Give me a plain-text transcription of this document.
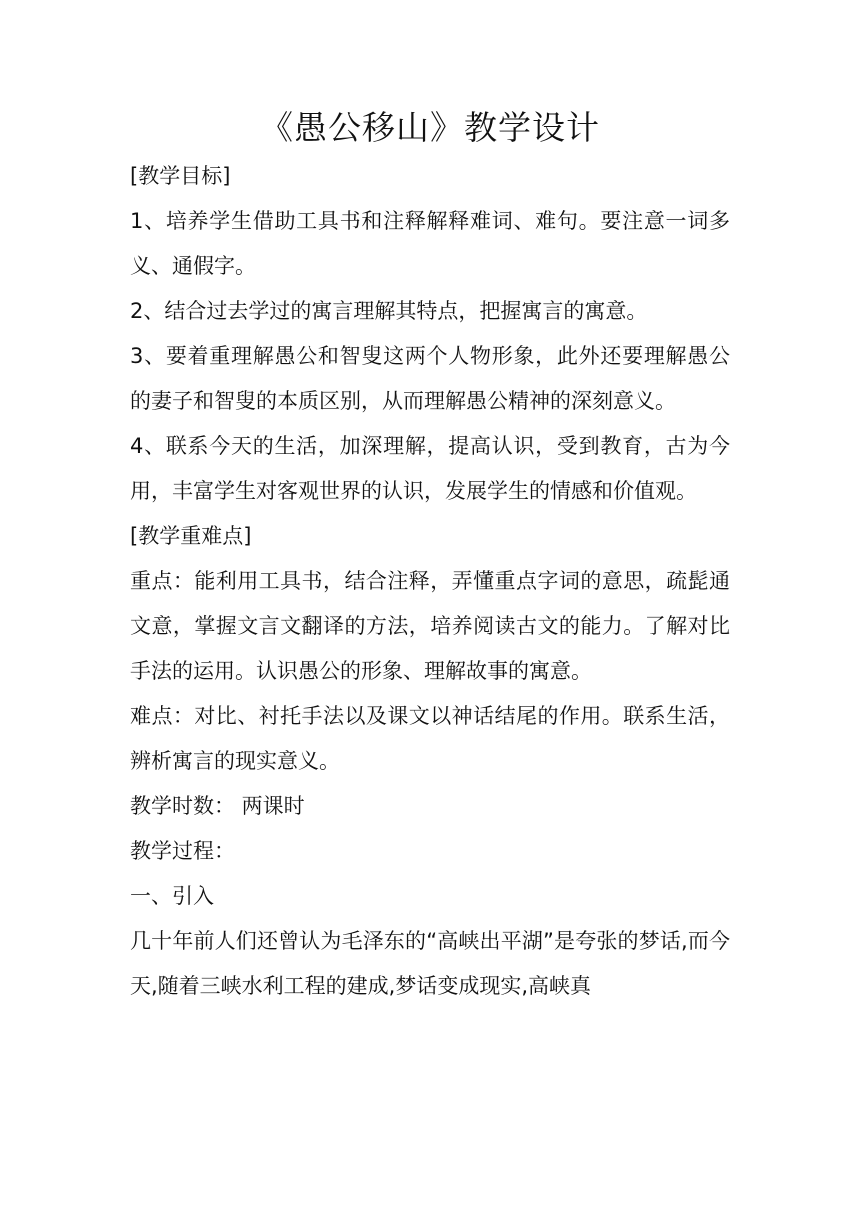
《愚公移山》教学设计

[教学目标]

1、培养学生借助工具书和注释解释难词、难句。要注意一词多义、通假字。

2、结合过去学过的寓言理解其特点，把握寓言的寓意。

3、要着重理解愚公和智叟这两个人物形象，此外还要理解愚公的妻子和智叟的本质区别，从而理解愚公精神的深刻意义。

4、联系今天的生活，加深理解，提高认识，受到教育，古为今用，丰富学生对客观世界的认识，发展学生的情感和价值观。

[教学重难点]

重点：能利用工具书，结合注释，弄懂重点字词的意思，疏髭通文意，掌握文言文翻译的方法，培养阅读古文的能力。了解对比手法的运用。认识愚公的形象、理解故事的寓意。

难点：对比、衬托手法以及课文以神话结尾的作用。联系生活，辨析寓言的现实意义。

教学时数： 两课时

教学过程：

一、引入

几十年前人们还曾认为毛泽东的“高峡出平湖”是夸张的梦话,而今天,随着三峡水利工程的建成,梦话变成现实,高峡真
